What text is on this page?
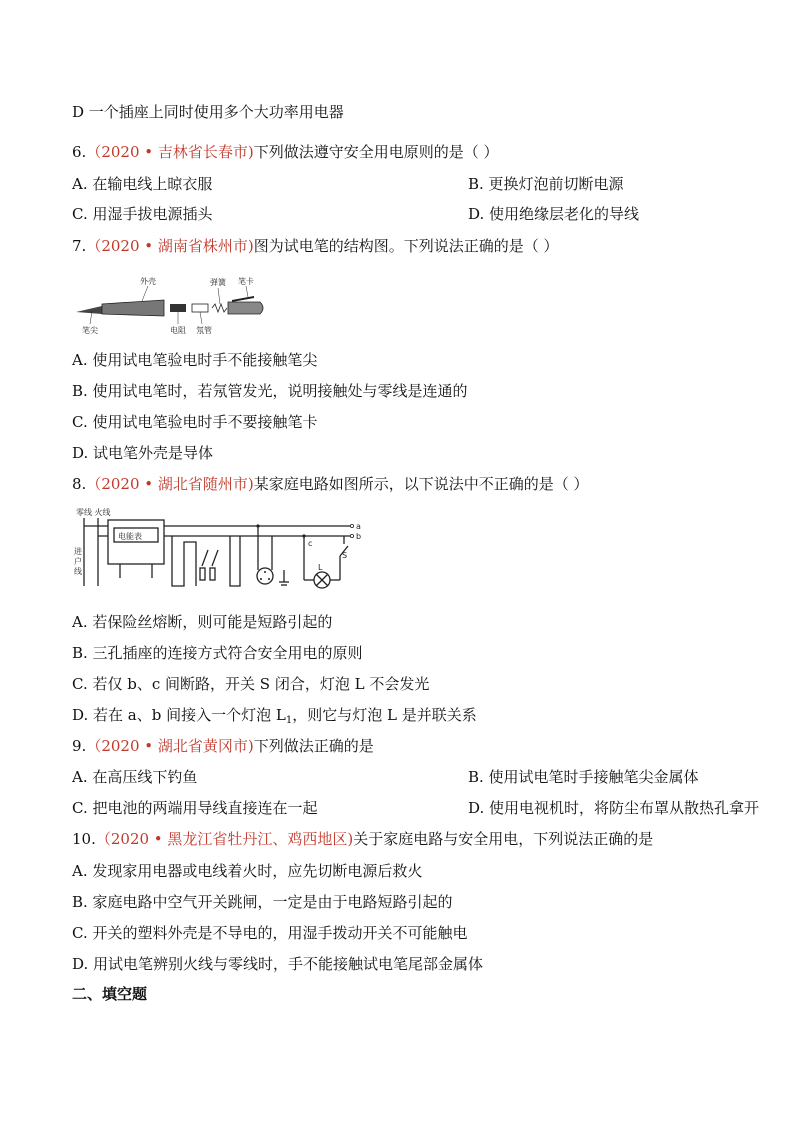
D 一个插座上同时使用多个大功率用电器
6.（2020 • 吉林省长春市)下列做法遵守安全用电原则的是（ ）
A. 在输电线上晾衣服	B. 更换灯泡前切断电源
C. 用湿手拔电源插头	D. 使用绝缘层老化的导线
7.（2020 • 湖南省株州市)图为试电笔的结构图。下列说法正确的是（ ）
外壳	弹簧 笔卡
笔尖	电阻 氖管
A. 使用试电笔验电时手不能接触笔尖
B. 使用试电笔时，若氖管发光，说明接触处与零线是连通的
C. 使用试电笔验电时手不要接触笔卡
D. 试电笔外壳是导体
8.（2020 • 湖北省随州市)某家庭电路如图所示，以下说法中不正确的是（ ）
零线 火线
电能表
进
户
线
a
b
c
L
S
A. 若保险丝熔断，则可能是短路引起的
B. 三孔插座的连接方式符合安全用电的原则
C. 若仅 b、c 间断路，开关 S 闭合，灯泡 L 不会发光
D. 若在 a、b 间接入一个灯泡 $L_1$，则它与灯泡 L 是并联关系
9.（2020 • 湖北省黄冈市)下列做法正确的是
A. 在高压线下钓鱼	B. 使用试电笔时手接触笔尖金属体
C. 把电池的两端用导线直接连在一起	D. 使用电视机时，将防尘布罩从散热孔拿开
10.（2020 • 黑龙江省牡丹江、鸡西地区)关于家庭电路与安全用电，下列说法正确的是
A. 发现家用电器或电线着火时，应先切断电源后救火
B. 家庭电路中空气开关跳闸，一定是由于电路短路引起的
C. 开关的塑料外壳是不导电的，用湿手拨动开关不可能触电
D. 用试电笔辨别火线与零线时，手不能接触试电笔尾部金属体
二、填空题
